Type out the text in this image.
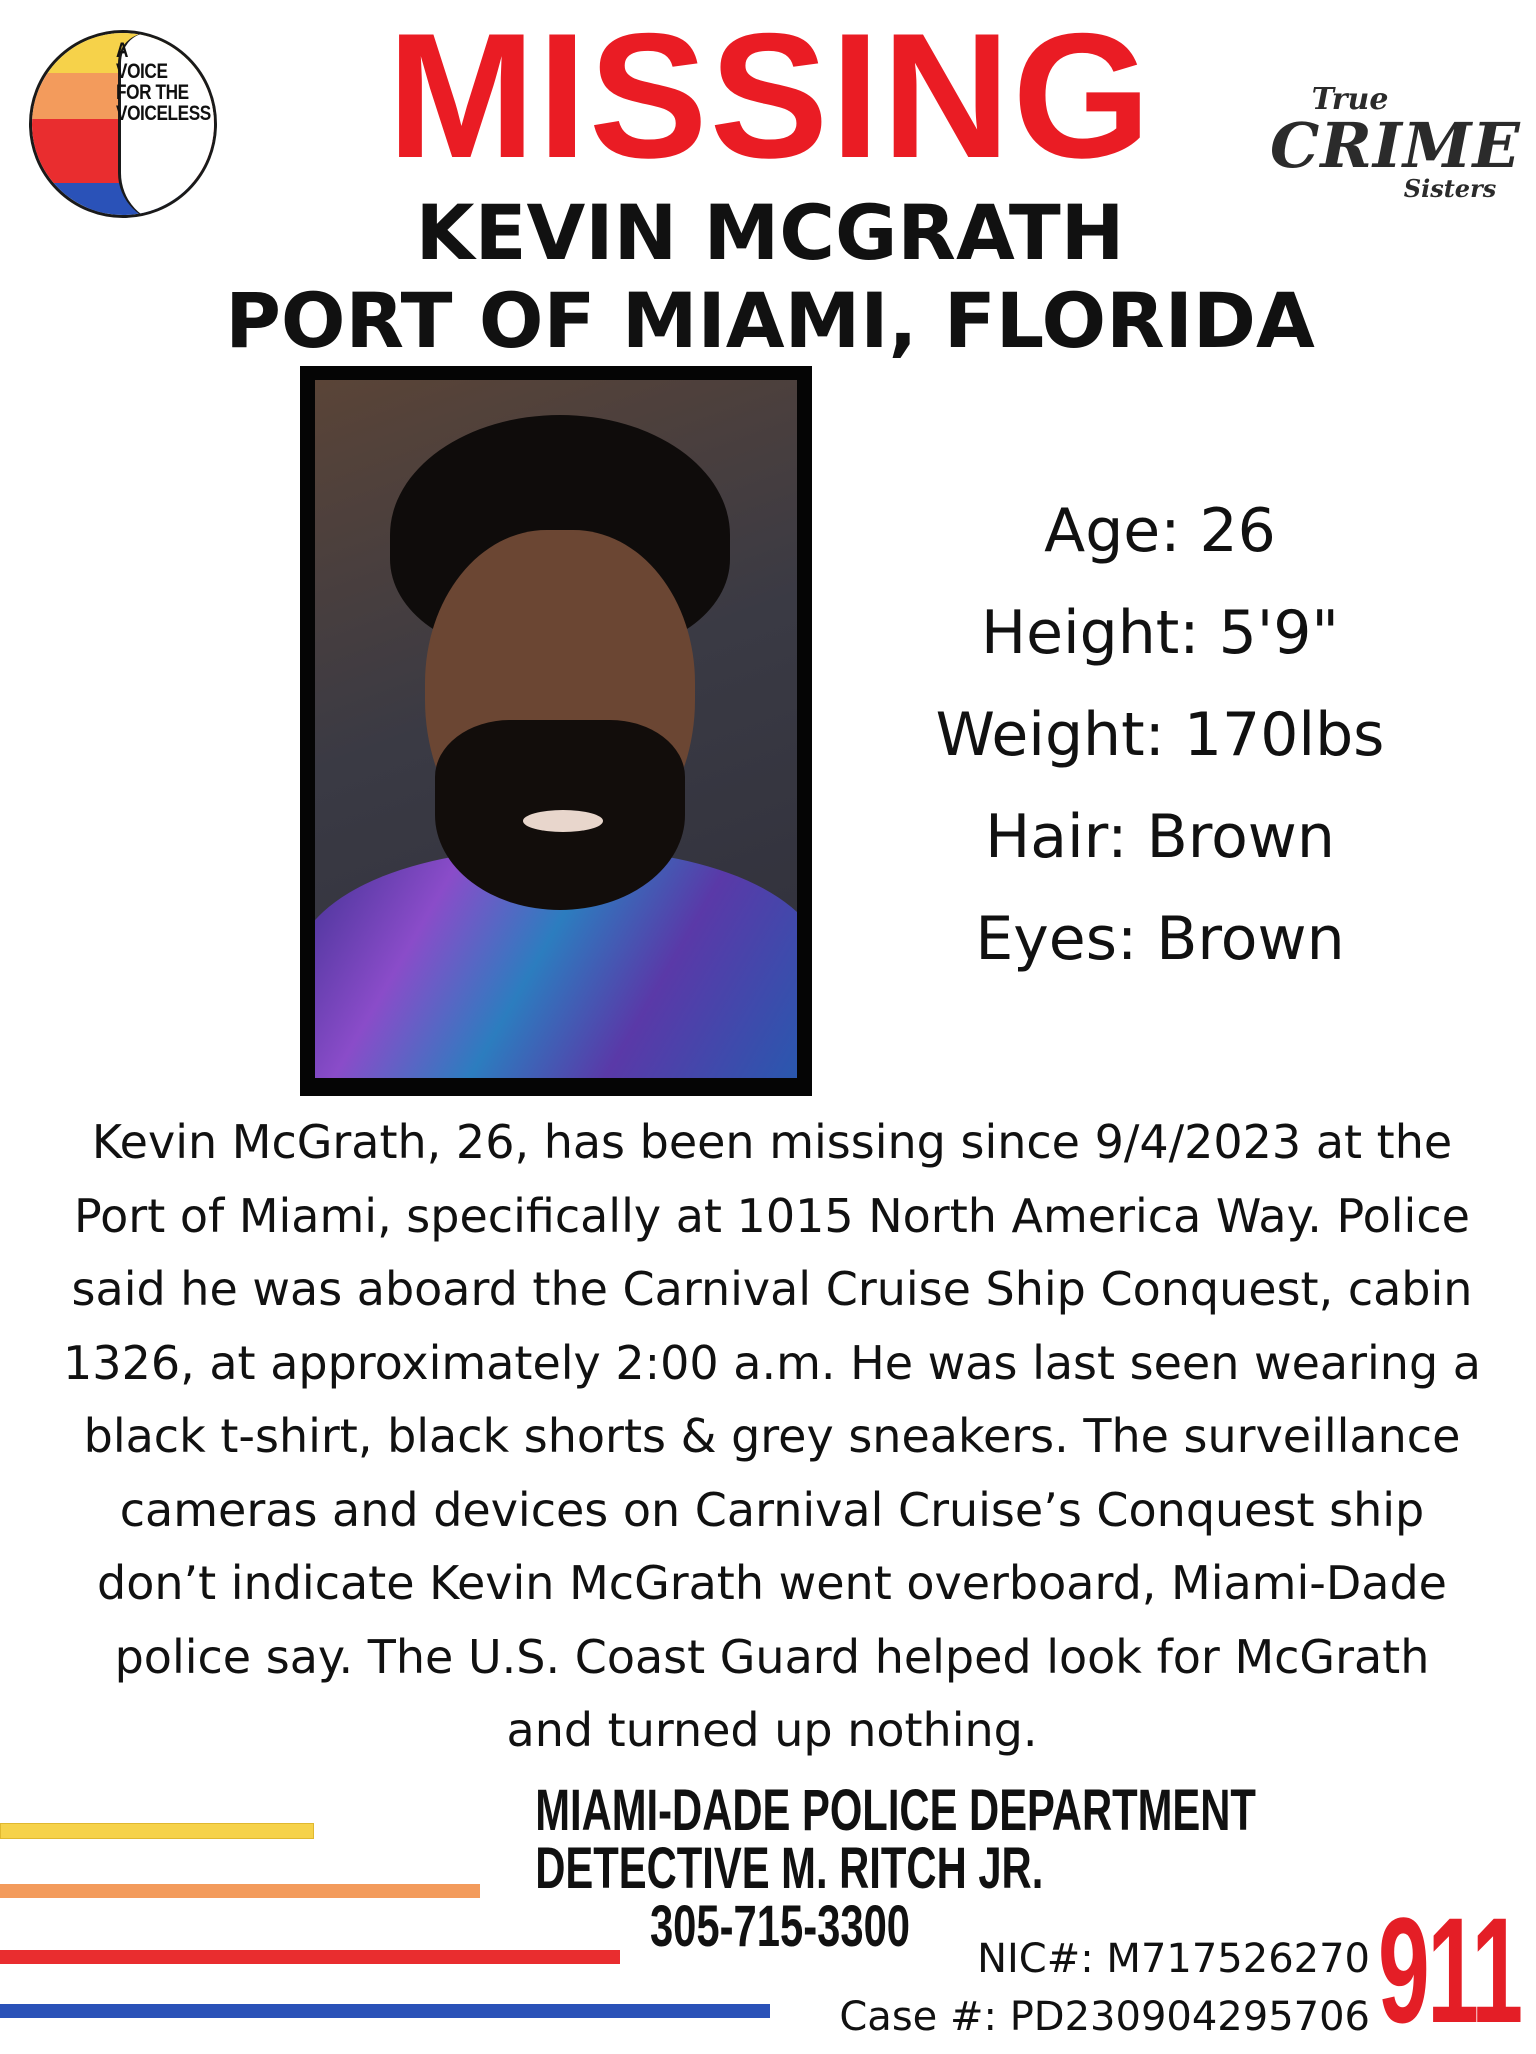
A
VOICE
FOR THE
VOICELESS MISSING	True
CRIME
Sisters
KEVIN MCGRATH
PORT OF MIAMI, FLORIDA
Age: 26
Height: 5'9"
Weight: 170lbs
Hair: Brown
Eyes: Brown
Kevin McGrath, 26, has been missing since 9/4/2023 at the
Port of Miami, specifically at 1015 North America Way. Police
said he was aboard the Carnival Cruise Ship Conquest, cabin
1326, at approximately 2:00 a.m. He was last seen wearing a
black t-shirt, black shorts & grey sneakers. The surveillance
cameras and devices on Carnival Cruise’s Conquest ship
don’t indicate Kevin McGrath went overboard, Miami-Dade
police say. The U.S. Coast Guard helped look for McGrath
and turned up nothing.
MIAMI-DADE POLICE DEPARTMENT
DETECTIVE M. RITCH JR.
305-715-3300	NIC#: M717526270
Case #: PD230904295706 911
